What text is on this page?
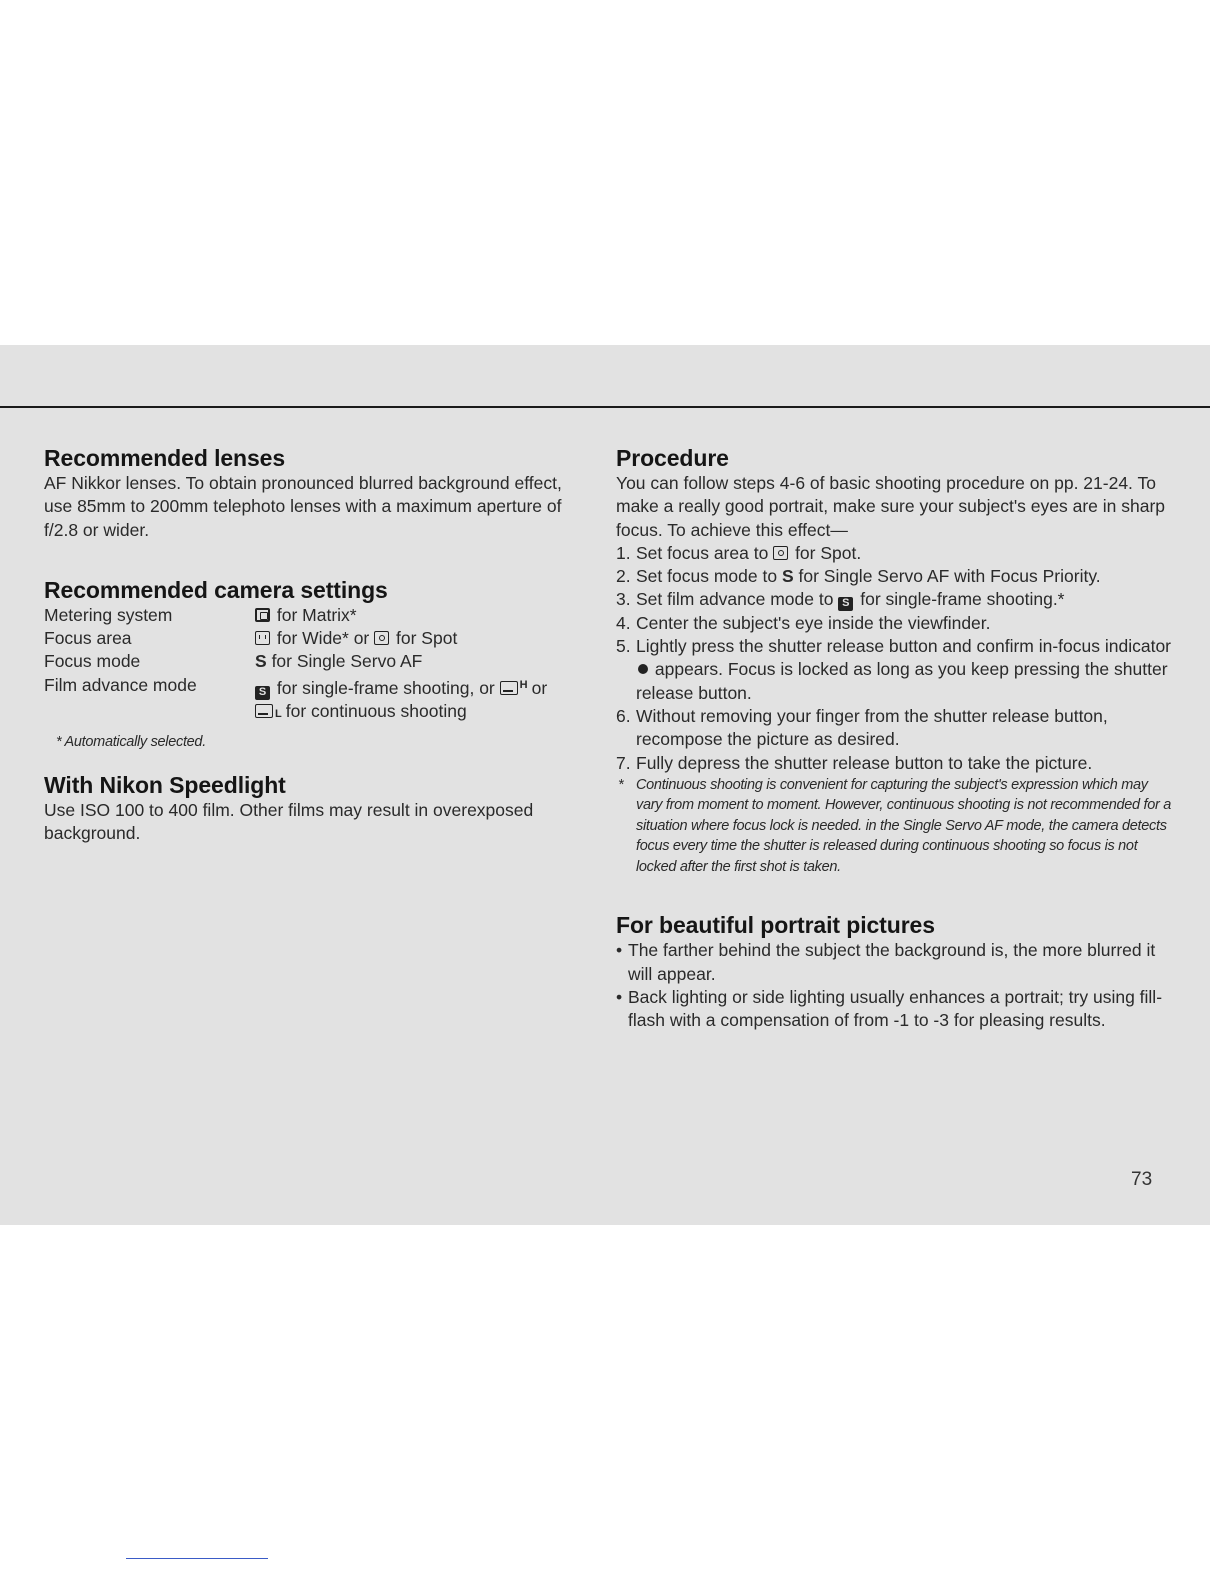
Recommended lenses

AF Nikkor lenses. To obtain pronounced blurred background effect, use 85mm to 200mm telephoto lenses with a maximum aperture of f/2.8 or wider.

Recommended camera settings
Metering system	for Matrix*
Focus area	for Wide* or for Spot
Focus mode	S for Single Servo AF
Film advance mode	S for single-frame shooting, or $^H$ or
L for continuous shooting

* Automatically selected.

With Nikon Speedlight

Use ISO 100 to 400 film. Other films may result in overexposed background.

Procedure

You can follow steps 4-6 of basic shooting procedure on pp. 21-24. To make a really good portrait, make sure your subject's eyes are in sharp focus. To achieve this effect—

1. Set focus area to for Spot.
2. Set focus mode to S for Single Servo AF with Focus Priority.
3. Set film advance mode to S for single-frame shooting.*
4. Center the subject's eye inside the viewfinder.
5. Lightly press the shutter release button and confirm in-focus indicator  appears. Focus is locked as long as you keep pressing the shutter release button.
6. Without removing your finger from the shutter release button, recompose the picture as desired.
7. Fully depress the shutter release button to take the picture.

* Continuous shooting is convenient for capturing the subject's expression which may vary from moment to moment. However, continuous shooting is not recommended for a situation where focus lock is needed. in the Single Servo AF mode, the camera detects focus every time the shutter is released during continuous shooting so focus is not locked after the first shot is taken.

For beautiful portrait pictures
• The farther behind the subject the background is, the more blurred it will appear.
• Back lighting or side lighting usually enhances a portrait; try using fill-flash with a compensation of from -1 to -3 for pleasing results.
73
